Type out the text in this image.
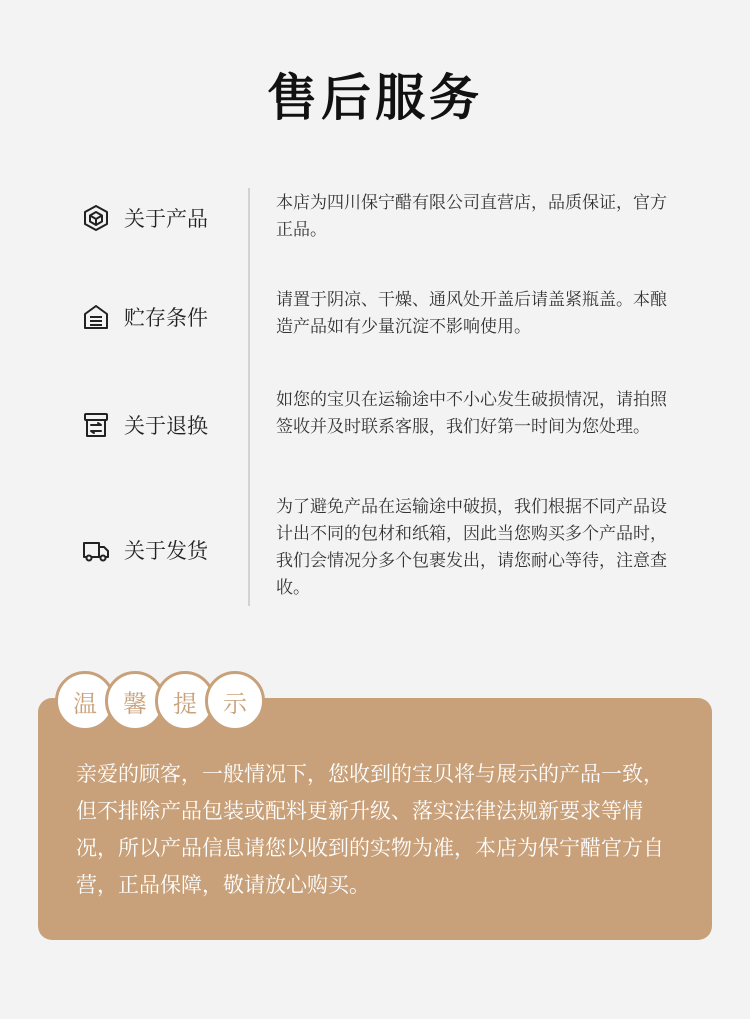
售后服务
关于产品
本店为四川保宁醋有限公司直营店，品质保证，官方正品。
贮存条件
请置于阴凉、干燥、通风处开盖后请盖紧瓶盖。本酿造产品如有少量沉淀不影响使用。
关于退换
如您的宝贝在运输途中不小心发生破损情况，请拍照签收并及时联系客服，我们好第一时间为您处理。
关于发货
为了避免产品在运输途中破损，我们根据不同产品设计出不同的包材和纸箱，因此当您购买多个产品时，我们会情况分多个包裹发出，请您耐心等待，注意查收。
温	馨	提	示
亲爱的顾客，一般情况下，您收到的宝贝将与展示的产品一致，但不排除产品包装或配料更新升级、落实法律法规新要求等情况，所以产品信息请您以收到的实物为准，本店为保宁醋官方自营，正品保障，敬请放心购买。
